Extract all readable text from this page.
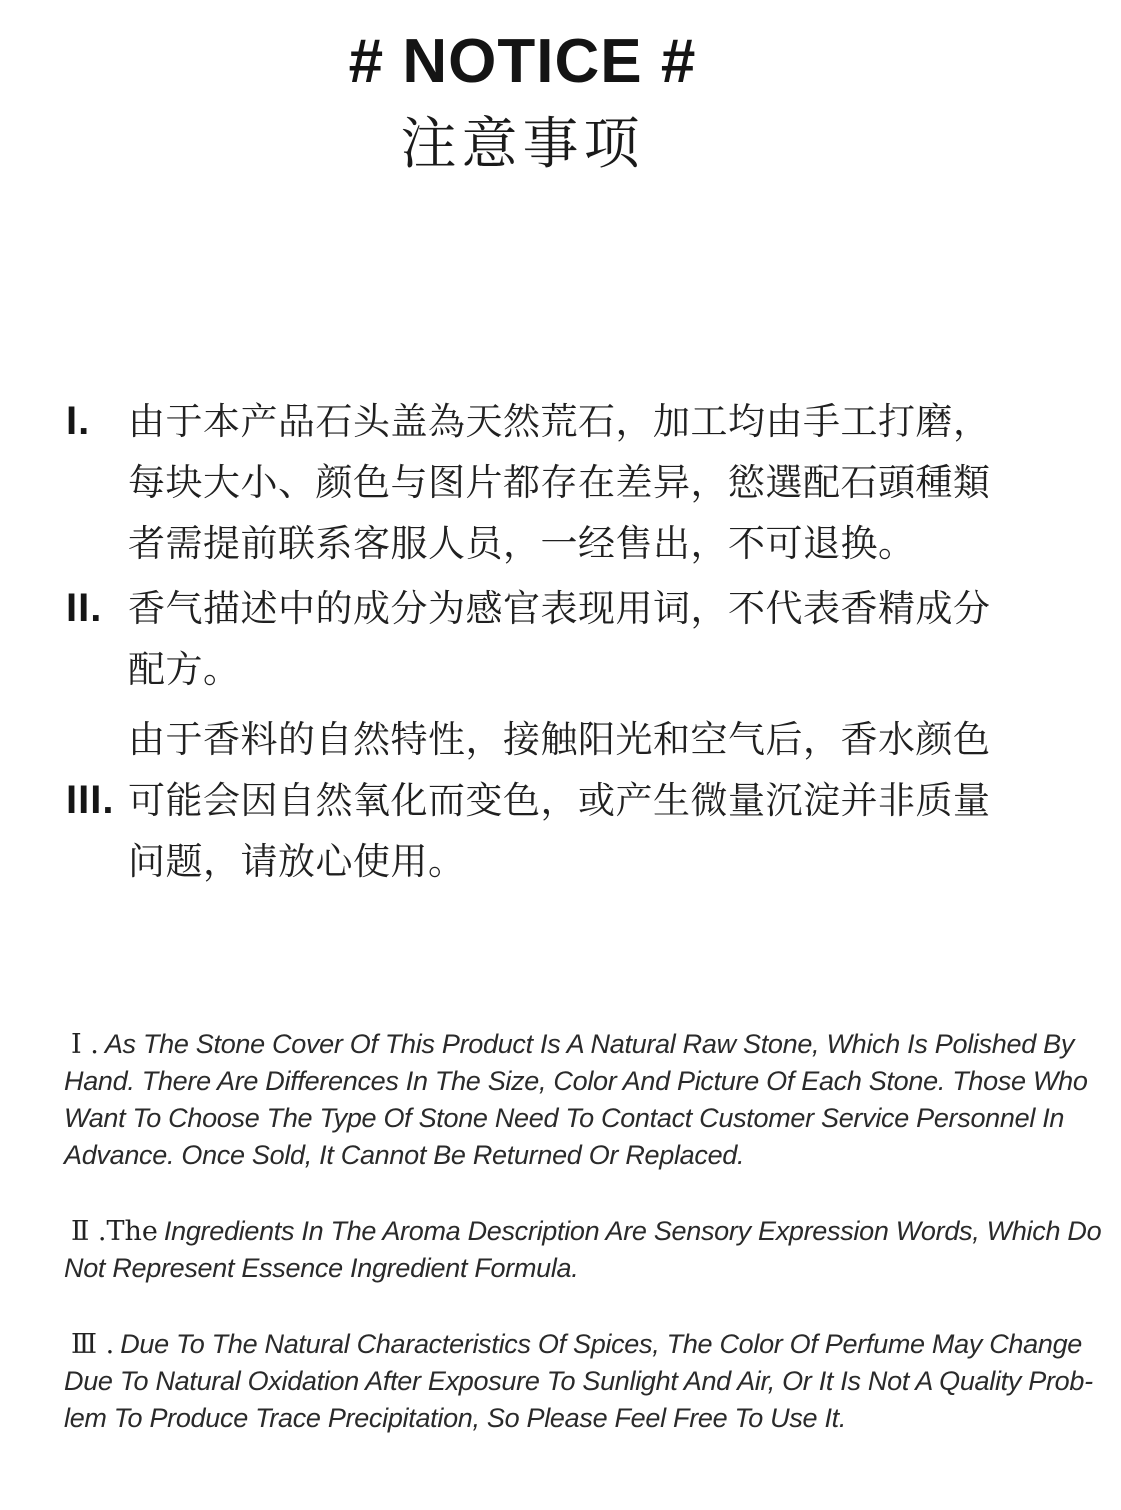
# NOTICE #
注意事项
I.	由于本产品石头盖為天然荒石，加工均由手工打磨，
每块大小、颜色与图片都存在差异，慾選配石頭種類
者需提前联系客服人员，一经售出，不可退换。
II. 香气描述中的成分为感官表现用词，不代表香精成分
配方。
由于香料的自然特性，接触阳光和空气后，香水颜色
III. 可能会因自然氧化而变色，或产生微量沉淀并非质量
问题，请放心使用。
Ⅰ . As The Stone Cover Of This Product Is A Natural Raw Stone, Which Is Polished By
Hand. There Are Differences In The Size, Color And Picture Of Each Stone. Those Who
Want To Choose The Type Of Stone Need To Contact Customer Service Personnel In
Advance. Once Sold, It Cannot Be Returned Or Replaced.
Ⅱ .The Ingredients In The Aroma Description Are Sensory Expression Words, Which Do
Not Represent Essence Ingredient Formula.
Ⅲ . Due To The Natural Characteristics Of Spices, The Color Of Perfume May Change
Due To Natural Oxidation After Exposure To Sunlight And Air, Or It Is Not A Quality Prob-
lem To Produce Trace Precipitation, So Please Feel Free To Use It.
